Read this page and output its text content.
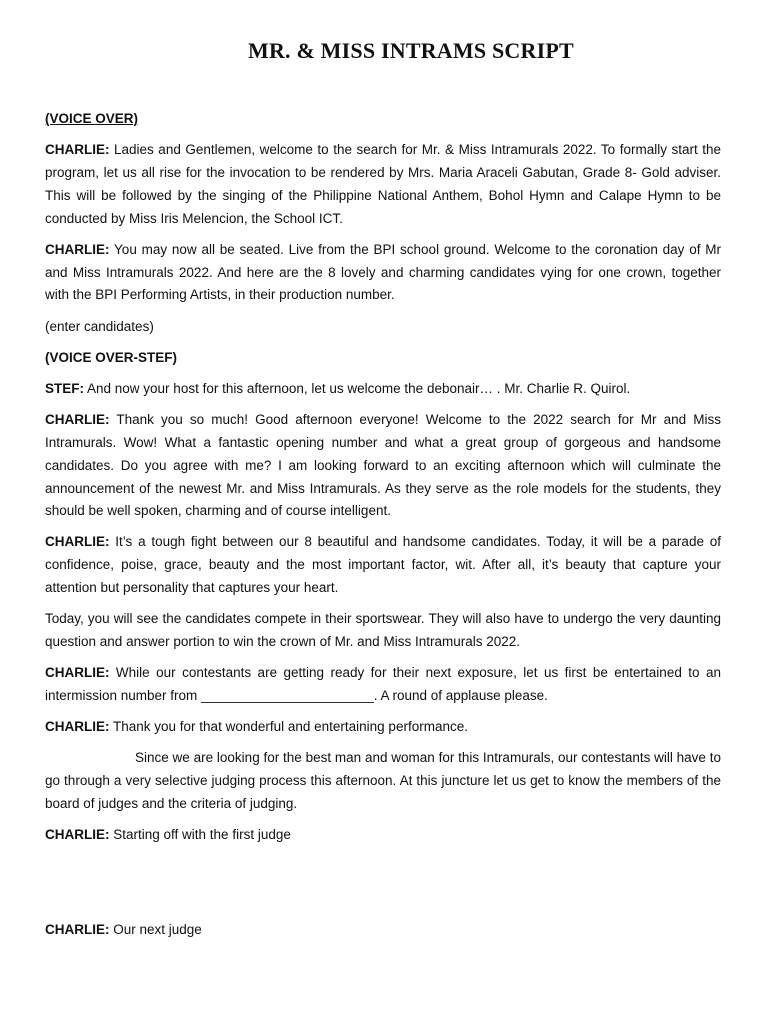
MR. & MISS INTRAMS SCRIPT

(VOICE OVER)

CHARLIE: Ladies and Gentlemen, welcome to the search for Mr. & Miss Intramurals 2022. To formally start the program, let us all rise for the invocation to be rendered by Mrs. Maria Araceli Gabutan, Grade 8- Gold adviser. This will be followed by the singing of the Philippine National Anthem, Bohol Hymn and Calape Hymn to be conducted by Miss Iris Melencion, the School ICT.

CHARLIE: You may now all be seated. Live from the BPI school ground. Welcome to the coronation day of Mr and Miss Intramurals 2022. And here are the 8 lovely and charming candidates vying for one crown, together with the BPI Performing Artists, in their production number.

(enter candidates)

(VOICE OVER-STEF)

STEF: And now your host for this afternoon, let us welcome the debonair… . Mr. Charlie R. Quirol.

CHARLIE: Thank you so much! Good afternoon everyone! Welcome to the 2022 search for Mr and Miss Intramurals. Wow! What a fantastic opening number and what a great group of gorgeous and handsome candidates. Do you agree with me? I am looking forward to an exciting afternoon which will culminate the announcement of the newest Mr. and Miss Intramurals. As they serve as the role models for the students, they should be well spoken, charming and of course intelligent.

CHARLIE: It’s a tough fight between our 8 beautiful and handsome candidates. Today, it will be a parade of confidence, poise, grace, beauty and the most important factor, wit. After all, it’s beauty that capture your attention but personality that captures your heart.

Today, you will see the candidates compete in their sportswear. They will also have to undergo the very daunting question and answer portion to win the crown of Mr. and Miss Intramurals 2022.

CHARLIE: While our contestants are getting ready for their next exposure, let us first be entertained to an intermission number from _______________________. A round of applause please.

CHARLIE: Thank you for that wonderful and entertaining performance.

Since we are looking for the best man and woman for this Intramurals, our contestants will have to go through a very selective judging process this afternoon. At this juncture let us get to know the members of the board of judges and the criteria of judging.

CHARLIE: Starting off with the first judge

CHARLIE: Our next judge
